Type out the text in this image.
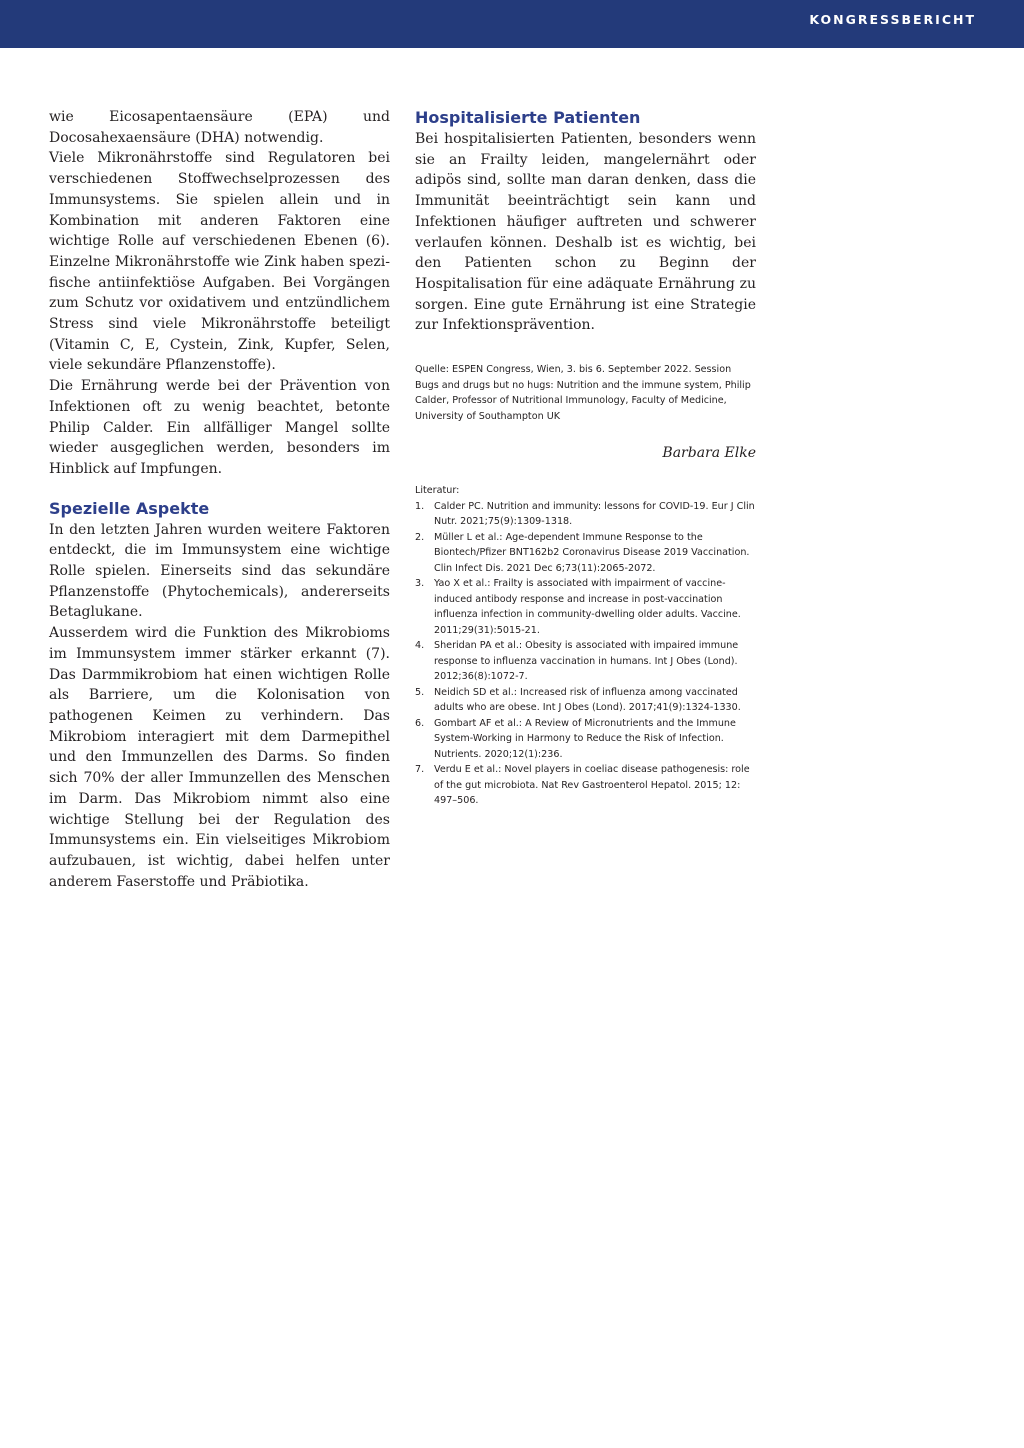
KONGRESSBERICHT

wie Eicosapentaensäure (EPA) und Docosahexaensäure (DHA) notwendig.

Viele Mikronährstoffe sind Regulatoren bei verschiedenen Stoffwechselprozessen des Immunsystems. Sie spielen allein und in Kombination mit anderen Faktoren eine wichtige Rolle auf verschiedenen Ebenen (6). Einzelne Mikronährstoffe wie Zink haben spezifische antiinfektiöse Aufgaben. Bei Vorgängen zum Schutz vor oxidativem und entzündlichem Stress sind viele Mikronährstoffe beteiligt (Vitamin C, E, Cystein, Zink, Kupfer, Selen, viele sekundäre Pflanzenstoffe).

Die Ernährung werde bei der Prävention von Infektionen oft zu wenig beachtet, betonte Philip Calder. Ein allfälliger Mangel sollte wieder ausgeglichen werden, besonders im Hinblick auf Impfungen.

Spezielle Aspekte

In den letzten Jahren wurden weitere Faktoren entdeckt, die im Immunsystem eine wichtige Rolle spielen. Einerseits sind das sekundäre Pflanzenstoffe (Phytochemicals), andererseits Betaglukane.

Ausserdem wird die Funktion des Mikrobioms im Immunsystem immer stärker erkannt (7). Das Darmmikrobiom hat einen wichtigen Rolle als Barriere, um die Kolonisation von pathogenen Keimen zu verhindern. Das Mikrobiom interagiert mit dem Darmepithel und den Immunzellen des Darms. So finden sich 70% der aller Immunzellen des Menschen im Darm. Das Mikrobiom nimmt also eine wichtige Stellung bei der Regulation des Immunsystems ein. Ein vielseitiges Mikrobiom aufzubauen, ist wichtig, dabei helfen unter anderem Faserstoffe und Präbiotika.

Hospitalisierte Patienten

Bei hospitalisierten Patienten, besonders wenn sie an Frailty leiden, mangelernährt oder adipös sind, sollte man daran denken, dass die Immunität beeinträchtigt sein kann und Infektionen häufiger auftreten und schwerer verlaufen können. Deshalb ist es wichtig, bei den Patienten schon zu Beginn der Hospitalisation für eine adäquate Ernährung zu sorgen. Eine gute Ernährung ist eine Strategie zur Infektionsprävention.

Quelle: ESPEN Congress, Wien, 3. bis 6. September 2022. Session Bugs and drugs but no hugs: Nutrition and the immune system, Philip Calder, Professor of Nutritional Immunology, Faculty of Medicine, University of Southampton UK

Barbara Elke

Literatur:

1. Calder PC. Nutrition and immunity: lessons for COVID-19. Eur J Clin Nutr. 2021;75(9):1309-1318.
2. Müller L et al.: Age-dependent Immune Response to the Biontech/Pfizer BNT162b2 Coronavirus Disease 2019 Vaccination. Clin Infect Dis. 2021 Dec 6;73(11):2065-2072.
3. Yao X et al.: Frailty is associated with impairment of vaccine-induced antibody response and increase in post-vaccination influenza infection in community-dwelling older adults. Vaccine. 2011;29(31):5015-21.
4. Sheridan PA et al.: Obesity is associated with impaired immune response to influenza vaccination in humans. Int J Obes (Lond). 2012;36(8):1072-7.
5. Neidich SD et al.: Increased risk of influenza among vaccinated adults who are obese. Int J Obes (Lond). 2017;41(9):1324-1330.
6. Gombart AF et al.: A Review of Micronutrients and the Immune System-Working in Harmony to Reduce the Risk of Infection. Nutrients. 2020;12(1):236.
7. Verdu E et al.: Novel players in coeliac disease pathogenesis: role of the gut microbiota. Nat Rev Gastroenterol Hepatol. 2015; 12: 497–506.
